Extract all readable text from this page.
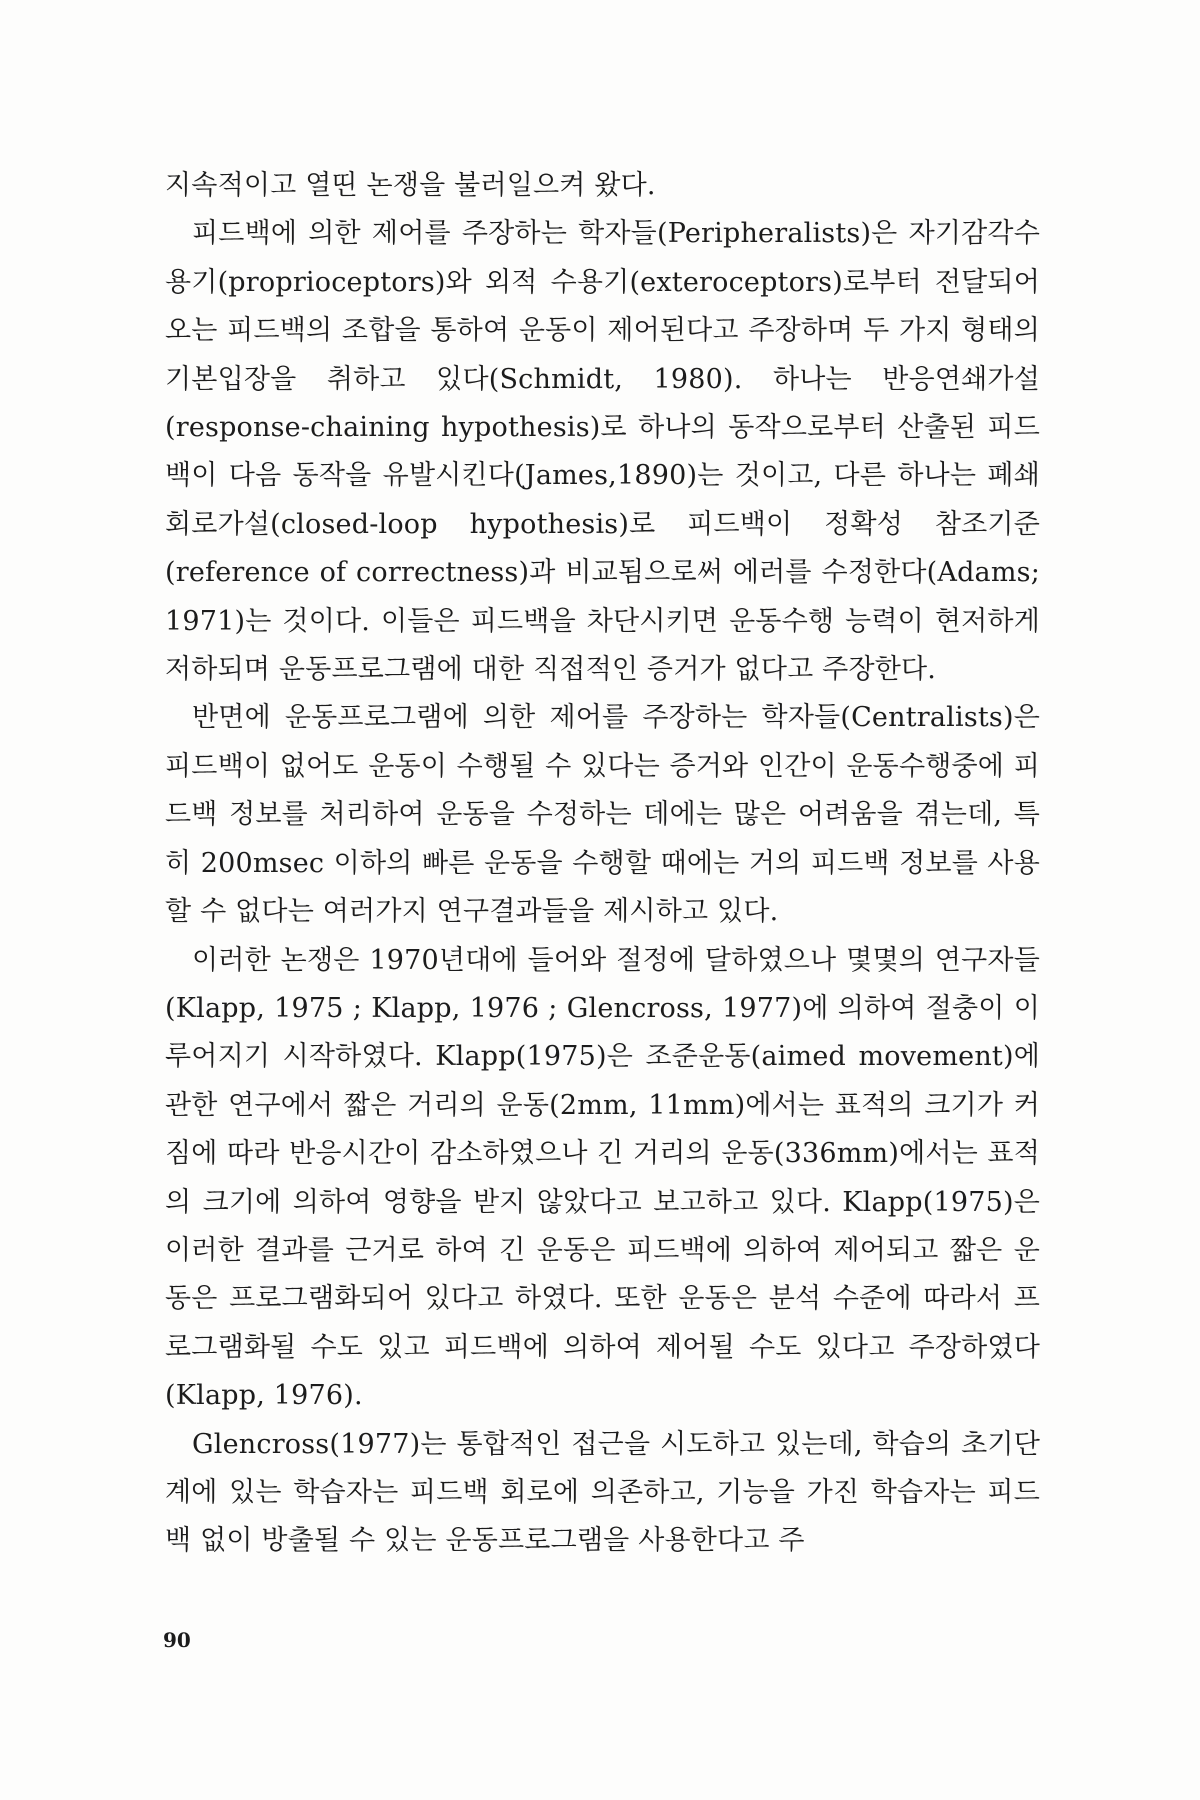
지속적이고 열띤 논쟁을 불러일으켜 왔다.

피드백에 의한 제어를 주장하는 학자들(Peripheralists)은 자기감각수용기(proprioceptors)와 외적 수용기(exteroceptors)로부터 전달되어 오는 피드백의 조합을 통하여 운동이 제어된다고 주장하며 두 가지 형태의 기본입장을 취하고 있다(Schmidt, 1980). 하나는 반응연쇄가설(response-chaining hypothesis)로 하나의 동작으로부터 산출된 피드백이 다음 동작을 유발시킨다(James,1890)는 것이고, 다른 하나는 폐쇄회로가설(closed-loop hypothesis)로 피드백이 정확성 참조기준(reference of correctness)과 비교됨으로써 에러를 수정한다(Adams; 1971)는 것이다. 이들은 피드백을 차단시키면 운동수행 능력이 현저하게 저하되며 운동프로그램에 대한 직접적인 증거가 없다고 주장한다.

반면에 운동프로그램에 의한 제어를 주장하는 학자들(Centralists)은 피드백이 없어도 운동이 수행될 수 있다는 증거와 인간이 운동수행중에 피드백 정보를 처리하여 운동을 수정하는 데에는 많은 어려움을 겪는데, 특히 200msec 이하의 빠른 운동을 수행할 때에는 거의 피드백 정보를 사용할 수 없다는 여러가지 연구결과들을 제시하고 있다.

이러한 논쟁은 1970년대에 들어와 절정에 달하였으나 몇몇의 연구자들(Klapp, 1975 ; Klapp, 1976 ; Glencross, 1977)에 의하여 절충이 이루어지기 시작하였다. Klapp(1975)은 조준운동(aimed movement)에 관한 연구에서 짧은 거리의 운동(2mm, 11mm)에서는 표적의 크기가 커짐에 따라 반응시간이 감소하였으나 긴 거리의 운동(336mm)에서는 표적의 크기에 의하여 영향을 받지 않았다고 보고하고 있다. Klapp(1975)은 이러한 결과를 근거로 하여 긴 운동은 피드백에 의하여 제어되고 짧은 운동은 프로그램화되어 있다고 하였다. 또한 운동은 분석 수준에 따라서 프로그램화될 수도 있고 피드백에 의하여 제어될 수도 있다고 주장하였다(Klapp, 1976).

Glencross(1977)는 통합적인 접근을 시도하고 있는데, 학습의 초기단계에 있는 학습자는 피드백 회로에 의존하고, 기능을 가진 학습자는 피드백 없이 방출될 수 있는 운동프로그램을 사용한다고 주

90
